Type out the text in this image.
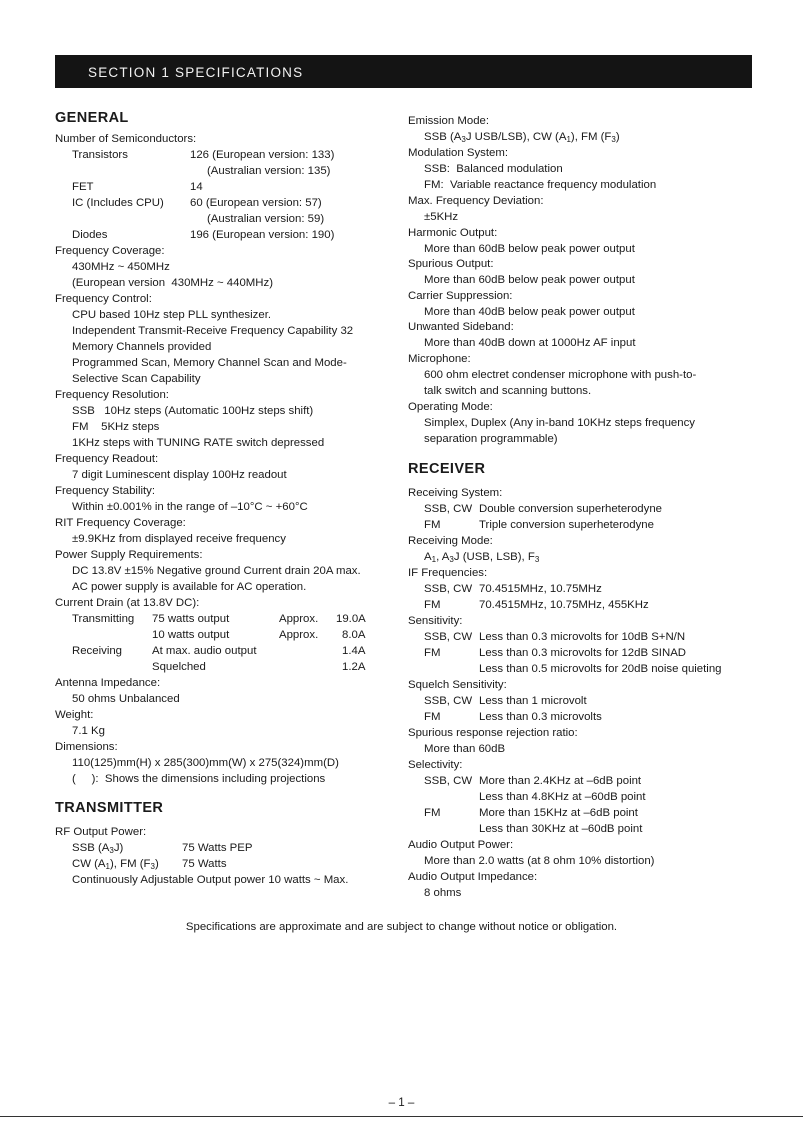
SECTION 1 SPECIFICATIONS
GENERAL
Number of Semiconductors:
Transistors	126 (European version: 133)
(Australian version: 135)
FET	14
IC (Includes CPU) 60 (European version: 57)
(Australian version: 59)
Diodes	196 (European version: 190)
Frequency Coverage:
430MHz ~ 450MHz
(European version  430MHz ~ 440MHz)
Frequency Control:
CPU based 10Hz step PLL synthesizer.
Independent Transmit-Receive Frequency Capability 32
Memory Channels provided
Programmed Scan, Memory Channel Scan and Mode-
Selective Scan Capability
Frequency Resolution:
SSB   10Hz steps (Automatic 100Hz steps shift)
FM    5KHz steps
1KHz steps with TUNING RATE switch depressed
Frequency Readout:
7 digit Luminescent display 100Hz readout
Frequency Stability:
Within ±0.001% in the range of –10°C ~ +60°C
RIT Frequency Coverage:
±9.9KHz from displayed receive frequency
Power Supply Requirements:
DC 13.8V ±15% Negative ground Current drain 20A max.
AC power supply is available for AC operation.
Current Drain (at 13.8V DC):
Transmitting 75 watts output	Approx. 19.0A
10 watts output	Approx. 8.0A
Receiving	At max. audio output	1.4A
Squelched	1.2A
Antenna Impedance:
50 ohms Unbalanced
Weight:
7.1 Kg
Dimensions:
110(125)mm(H) x 285(300)mm(W) x 275(324)mm(D)
(     ):  Shows the dimensions including projections
TRANSMITTER
RF Output Power:
SSB $(A_3J)$	75 Watts PEP
CW $(A_1)$, FM $(F_3)$ 75 Watts
Continuously Adjustable Output power 10 watts ~ Max.
Emission Mode:
SSB ($A_3J$ USB/LSB), CW $(A_1)$, FM $(F_3)$
Modulation System:
SSB:  Balanced modulation
FM:  Variable reactance frequency modulation
Max. Frequency Deviation:
±5KHz
Harmonic Output:
More than 60dB below peak power output
Spurious Output:
More than 60dB below peak power output
Carrier Suppression:
More than 40dB below peak power output
Unwanted Sideband:
More than 40dB down at 1000Hz AF input
Microphone:
600 ohm electret condenser microphone with push-to-
talk switch and scanning buttons.
Operating Mode:
Simplex, Duplex (Any in-band 10KHz steps frequency
separation programmable)
RECEIVER
Receiving System:
SSB, CW Double conversion superheterodyne
FM	Triple conversion superheterodyne
Receiving Mode:
$A_1$, $A_3J$ (USB, LSB), $F_3$
IF Frequencies:
SSB, CW 70.4515MHz, 10.75MHz
FM	70.4515MHz, 10.75MHz, 455KHz
Sensitivity:
SSB, CW Less than 0.3 microvolts for 10dB S+N/N
FM	Less than 0.3 microvolts for 12dB SINAD
Less than 0.5 microvolts for 20dB noise quieting
Squelch Sensitivity:
SSB, CW Less than 1 microvolt
FM	Less than 0.3 microvolts
Spurious response rejection ratio:
More than 60dB
Selectivity:
SSB, CW More than 2.4KHz at –6dB point
Less than 4.8KHz at –60dB point
FM	More than 15KHz at –6dB point
Less than 30KHz at –60dB point
Audio Output Power:
More than 2.0 watts (at 8 ohm 10% distortion)
Audio Output Impedance:
8 ohms
Specifications are approximate and are subject to change without notice or obligation.
– 1 –
